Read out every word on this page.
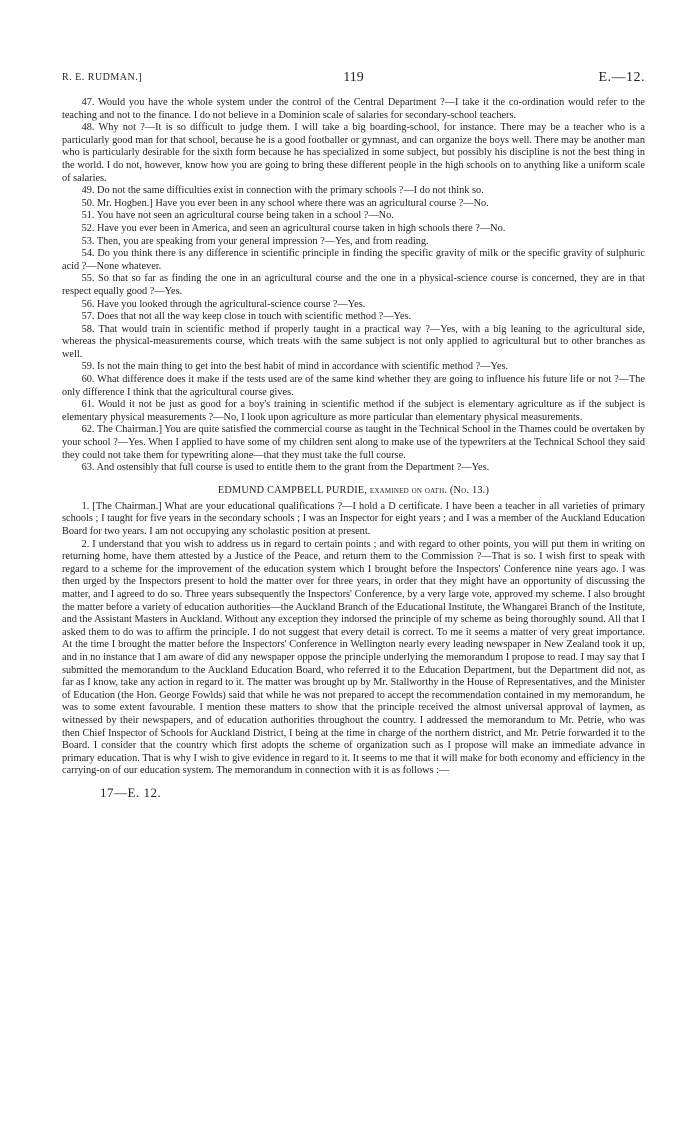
R. E. RUDMAN.]	119	E.—12.

47. Would you have the whole system under the control of the Central Department ?—I take it the co-ordination would refer to the teaching and not to the finance. I do not believe in a Dominion scale of salaries for secondary-school teachers.

48. Why not ?—It is so difficult to judge them. I will take a big boarding-school, for instance. There may be a teacher who is a particularly good man for that school, because he is a good footballer or gymnast, and can organize the boys well. There may be another man who is particularly desirable for the sixth form because he has specialized in some subject, but possibly his discipline is not the best thing in the world. I do not, however, know how you are going to bring these different people in the high schools on to anything like a uniform scale of salaries.

49. Do not the same difficulties exist in connection with the primary schools ?—I do not think so.

50. Mr. Hogben.] Have you ever been in any school where there was an agricultural course ?—No.

51. You have not seen an agricultural course being taken in a school ?—No.

52. Have you ever been in America, and seen an agricultural course taken in high schools there ?—No.

53. Then, you are speaking from your general impression ?—Yes, and from reading.

54. Do you think there is any difference in scientific principle in finding the specific gravity of milk or the specific gravity of sulphuric acid ?—None whatever.

55. So that so far as finding the one in an agricultural course and the one in a physical-science course is concerned, they are in that respect equally good ?—Yes.

56. Have you looked through the agricultural-science course ?—Yes.

57. Does that not all the way keep close in touch with scientific method ?—Yes.

58. That would train in scientific method if properly taught in a practical way ?—Yes, with a big leaning to the agricultural side, whereas the physical-measurements course, which treats with the same subject is not only applied to agricultural but to other branches as well.

59. Is not the main thing to get into the best habit of mind in accordance with scientific method ?—Yes.

60. What difference does it make if the tests used are of the same kind whether they are going to influence his future life or not ?—The only difference I think that the agricultural course gives.

61. Would it not be just as good for a boy's training in scientific method if the subject is elementary agriculture as if the subject is elementary physical measurements ?—No, I look upon agriculture as more particular than elementary physical measurements.

62. The Chairman.] You are quite satisfied the commercial course as taught in the Technical School in the Thames could be overtaken by your school ?—Yes. When I applied to have some of my children sent along to make use of the typewriters at the Technical School they said they could not take them for typewriting alone—that they must take the full course.

63. And ostensibly that full course is used to entitle them to the grant from the Department ?—Yes.

EDMUND CAMPBELL PURDIE, examined on oath. (No. 13.)

1. [The Chairman.] What are your educational qualifications ?—I hold a D certificate. I have been a teacher in all varieties of primary schools ; I taught for five years in the secondary schools ; I was an Inspector for eight years ; and I was a member of the Auckland Education Board for two years. I am not occupying any scholastic position at present.

2. I understand that you wish to address us in regard to certain points ; and with regard to other points, you will put them in writing on returning home, have them attested by a Justice of the Peace, and return them to the Commission ?—That is so. I wish first to speak with regard to a scheme for the improvement of the education system which I brought before the Inspectors' Conference nine years ago. I was then urged by the Inspectors present to hold the matter over for three years, in order that they might have an opportunity of discussing the matter, and I agreed to do so. Three years subsequently the Inspectors' Conference, by a very large vote, approved my scheme. I also brought the matter before a variety of education authorities—the Auckland Branch of the Educational Institute, the Whangarei Branch of the Institute, and the Assistant Masters in Auckland. Without any exception they indorsed the principle of my scheme as being thoroughly sound. All that I asked them to do was to affirm the principle. I do not suggest that every detail is correct. To me it seems a matter of very great importance. At the time I brought the matter before the Inspectors' Conference in Wellington nearly every leading newspaper in New Zealand took it up, and in no instance that I am aware of did any newspaper oppose the principle underlying the memorandum I propose to read. I may say that I submitted the memorandum to the Auckland Education Board, who referred it to the Education Department, but the Department did not, as far as I know, take any action in regard to it. The matter was brought up by Mr. Stallworthy in the House of Representatives, and the Minister of Education (the Hon. George Fowlds) said that while he was not prepared to accept the recommendation contained in my memorandum, he was to some extent favourable. I mention these matters to show that the principle received the almost universal approval of laymen, as witnessed by their newspapers, and of education authorities throughout the country. I addressed the memorandum to Mr. Petrie, who was then Chief Inspector of Schools for Auckland District, I being at the time in charge of the northern district, and Mr. Petrie forwarded it to the Board. I consider that the country which first adopts the scheme of organization such as I propose will make an immediate advance in primary education. That is why I wish to give evidence in regard to it. It seems to me that it will make for both economy and efficiency in the carrying-on of our education system. The memorandum in connection with it is as follows :—

17—E. 12.
